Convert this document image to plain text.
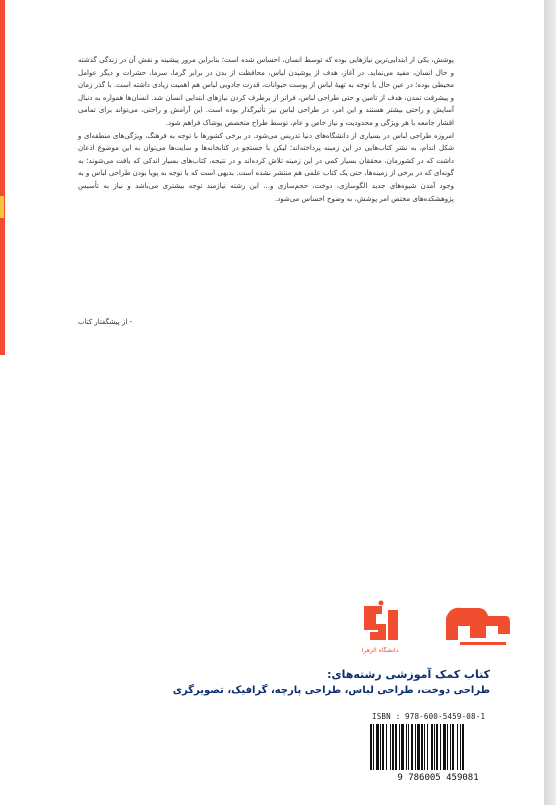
پوشش، یکی از ابتدایی‌ترین نیازهایی بوده که توسط انسان، احساس شده است؛ بنابراین مرور پیشینه و نقش آن در زندگی گذشته و حال انسان، مفید می‌نماید. در آغاز، هدف از پوشیدن لباس، محافظت از بدن در برابر گرما، سرما، حشرات و دیگر عوامل محیطی بوده؛ در عین حال با توجه به تهیهٔ لباس از پوست حیوانات، قدرت جادویی لباس هم اهمیت زیادی داشته است. با گذر زمان و پیشرفت تمدن، هدف از تامین و حتی طراحی لباس، فراتر از برطرف کردن نیازهای ابتدایی انسان شد. انسان‌ها همواره به دنبال آسایش و راحتی بیشتر هستند و این امر، در طراحی لباس نیز تأثیرگذار بوده است. این آرامش و راحتی، می‌تواند برای تمامی اقشار جامعه با هر ویژگی و محدودیت و نیاز خاص و عام، توسط طراح متخصص پوشاک فراهم شود.

امروزه طراحی لباس در بسیاری از دانشگاه‌های دنیا تدریس می‌شود. در برخی کشورها با توجه به فرهنگ، ویژگی‌های منطقه‌ای و شکل اندام، به نشر کتاب‌هایی در این زمینه پرداخته‌اند؛ لیکن با جستجو در کتابخانه‌ها و سایت‌ها می‌توان به این موضوع اذعان داشت که در کشورمان، محققان بسیار کمی در این زمینه تلاش کرده‌اند و در نتیجه، کتاب‌های بسیار اندکی که یافت می‌شوند؛ به گونه‌ای که در برخی از زمینه‌ها، حتی یک کتاب علمی هم منتشر نشده است. بدیهی است که با توجه به پویا بودن طراحی لباس و به وجود آمدن شیوه‌های جدید الگوسازی، دوخت، حجم‌سازی و... این رشته نیازمند توجه بیشتری می‌باشد و نیاز به تأسیس پژوهشکده‌های مختص امر پوشش، به وضوح احساس می‌شود.

- از پیشگفتار کتاب
دانشگاه الزهرا
کتاب کمک آموزشی رشته‌های:
طراحی دوخت، طراحی لباس، طراحی پارچه، گرافیک، تصویرگری
ISBN : 978-600-5459-08-1
9 786005 459081
